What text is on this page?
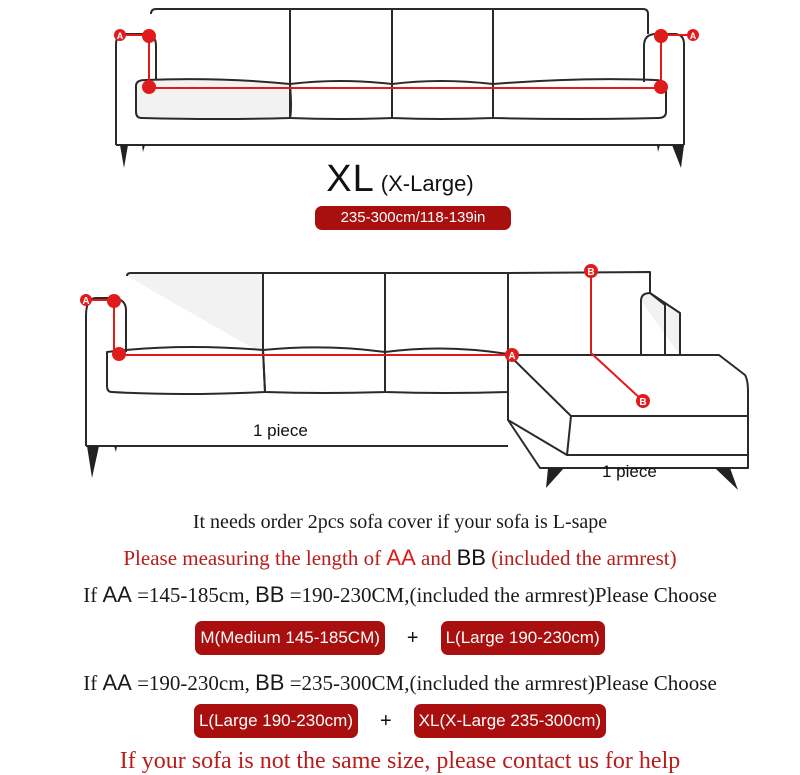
A	A
XL (X-Large)
235-300cm/118-139in
A
A
B
B
1 piece
1 piece
It needs order 2pcs sofa cover if your sofa is L-sape
Please measuring the length of AA and BB (included the armrest)
If AA =145-185cm, BB =190-230CM,(included the armrest)Please Choose
M(Medium 145-185CM) + L(Large 190-230cm)
If AA =190-230cm, BB =235-300CM,(included the armrest)Please Choose
L(Large 190-230cm) + XL(X-Large 235-300cm)
If your sofa is not the same size, please contact us for help
